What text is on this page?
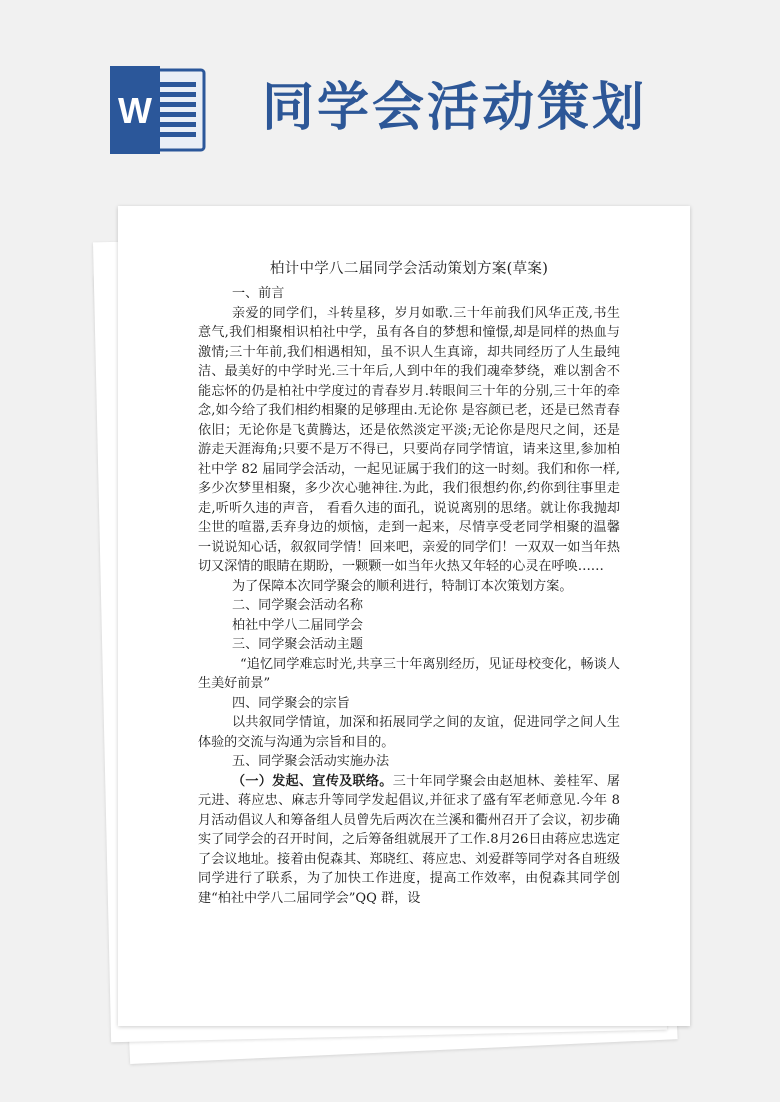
W 同学会活动策划

柏计中学八二届同学会活动策划方案(草案)

一、前言

亲爱的同学们，斗转星移，岁月如歌.三十年前我们风华正茂,书生意气,我们相聚相识柏社中学，虽有各自的梦想和憧憬,却是同样的热血与激情;三十年前,我们相遇相知，虽不识人生真谛，却共同经历了人生最纯洁、最美好的中学时光.三十年后,人到中年的我们魂牵梦绕，难以割舍不能忘怀的仍是柏社中学度过的青春岁月.转眼间三十年的分别,三十年的牵念,如今给了我们相约相聚的足够理由.无论你 是容颜已老，还是已然青春依旧；无论你是飞黄腾达，还是依然淡定平淡;无论你是咫尺之间，还是游走天涯海角;只要不是万不得已，只要尚存同学情谊，请来这里,参加柏社中学 82 届同学会活动，一起见证属于我们的这一时刻。我们和你一样,多少次梦里相聚，多少次心驰神往.为此，我们很想约你,约你到往事里走走,听听久违的声音， 看看久违的面孔，说说离别的思绪。就让你我抛却尘世的喧嚣,丢弃身边的烦恼，走到一起来，尽情享受老同学相聚的温馨一说说知心话，叙叙同学情！回来吧，亲爱的同学们！一双双一如当年热切又深情的眼睛在期盼，一颗颗一如当年火热又年轻的心灵在呼唤……

为了保障本次同学聚会的顺利进行，特制订本次策划方案。

二、同学聚会活动名称

柏社中学八二届同学会

三、同学聚会活动主题

“追忆同学难忘时光,共享三十年离别经历，见证母校变化，畅谈人生美好前景”

四、同学聚会的宗旨

以共叙同学情谊，加深和拓展同学之间的友谊，促进同学之间人生体验的交流与沟通为宗旨和目的。

五、同学聚会活动实施办法

（一）发起、宣传及联络。三十年同学聚会由赵旭林、姜桂军、屠元进、蒋应忠、麻志升等同学发起倡议,并征求了盛有军老师意见.今年 8 月活动倡议人和筹备组人员曾先后两次在兰溪和衢州召开了会议，初步确实了同学会的召开时间，之后筹备组就展开了工作.8月26日由蒋应忠选定了会议地址。接着由倪森其、郑晓红、蒋应忠、刘爱群等同学对各自班级同学进行了联系，为了加快工作进度，提高工作效率，由倪森其同学创建“柏社中学八二届同学会”QQ 群，设
